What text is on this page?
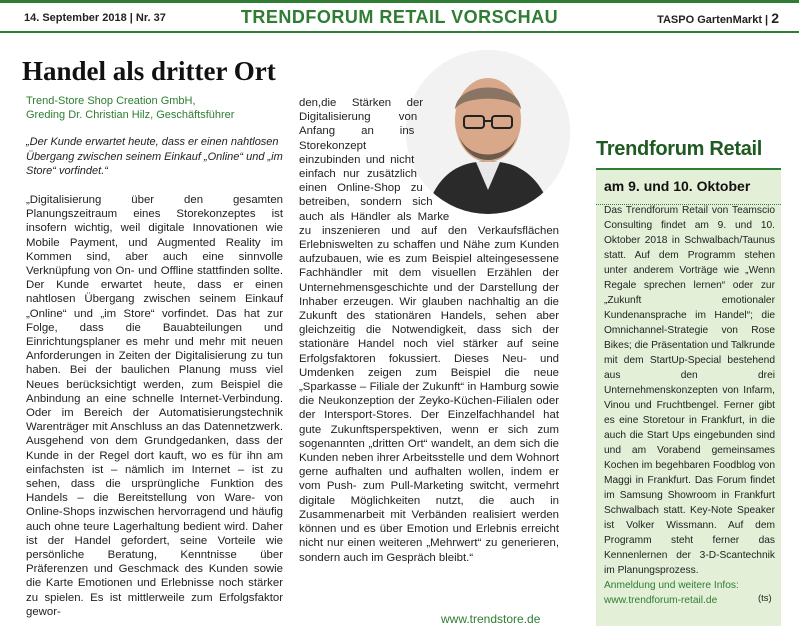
14. September 2018 | Nr. 37	TRENDFORUM RETAIL VORSCHAU	TASPO GartenMarkt | 2
Handel als dritter Ort
Trend-Store Shop Creation GmbH,
Greding Dr. Christian Hilz, Geschäftsführer
„Der Kunde erwartet heute, dass er einen nahtlosen Übergang zwischen seinem Einkauf „Online“ und „im Store“ vorfindet.“
„Digitalisierung über den gesamten Planungszeitraum eines Storekonzeptes ist insofern wichtig, weil digitale Innovationen wie Mobile Payment, und Augmented Reality im Kommen sind, aber auch eine sinnvolle Verknüpfung von On- und Offline stattfinden sollte. Der Kunde erwartet heute, dass er einen nahtlosen Übergang zwischen seinem Einkauf „Online“ und „im Store“ vorfindet. Das hat zur Folge, dass die Bauabteilungen und Einrichtungsplaner es mehr und mehr mit neuen Anforderungen in Zeiten der Digitalisierung zu tun haben. Bei der baulichen Planung muss viel Neues berücksichtigt werden, zum Beispiel die Anbindung an eine schnelle Internet-Verbindung. Oder im Bereich der Automatisierungstechnik Warenträger mit Anschluss an das Datennetzwerk. Ausgehend von dem Grundgedanken, dass der Kunde in der Regel dort kauft, wo es für ihn am einfachsten ist – nämlich im Internet – ist zu sehen, dass die ursprüngliche Funktion des Handels – die Bereitstellung von Ware- von Online-Shops inzwischen hervorragend und häufig auch ohne teure Lagerhaltung bedient wird. Daher ist der Handel gefordert, seine Vorteile wie persönliche Beratung, Kenntnisse über Präferenzen und Geschmack des Kunden sowie die Karte Emotionen und Erlebnisse noch stärker zu spielen. Es ist mittlerweile zum Erfolgsfaktor gewor-
den,die Stärken der Digitalisierung von Anfang an ins Storekonzept einzubinden und nicht einfach nur zusätzlich einen Online-Shop zu betreiben, sondern sich auch als Händler als Marke zu inszenieren und auf den Verkaufsflächen Erlebniswelten zu schaffen und Nähe zum Kunden aufzubauen, wie es zum Beispiel alteingesessene Fachhändler mit dem visuellen Erzählen der Unternehmensgeschichte und der Darstellung der Inhaber erzeugen. Wir glauben nachhaltig an die Zukunft des stationären Handels, sehen aber gleichzeitig die Notwendigkeit, dass sich der stationäre Handel noch viel stärker auf seine Erfolgsfaktoren fokussiert. Dieses Neu- und Umdenken zeigen zum Beispiel die neue „Sparkasse – Filiale der Zukunft“ in Hamburg sowie die Neukonzeption der Zeyko-Küchen-Filialen oder der Intersport-Stores. Der Einzelfachhandel hat gute Zukunftsperspektiven, wenn er sich zum sogenannten „dritten Ort“ wandelt, an dem sich die Kunden neben ihrer Arbeitsstelle und dem Wohnort gerne aufhalten und aufhalten wollen, indem er vom Push- zum Pull-Marketing switcht, vermehrt digitale Möglichkeiten nutzt, die auch in Zusammenarbeit mit Verbänden realisiert werden können und es über Emotion und Erlebnis erreicht nicht nur einen weiteren „Mehrwert“ zu generieren, sondern auch im Gespräch bleibt.“
www.trendstore.de
Trendforum Retail
am 9. und 10. Oktober
Das Trendforum Retail von Teamscio Consulting findet am 9. und 10. Oktober 2018 in Schwalbach/Taunus statt. Auf dem Programm stehen unter anderem Vorträge wie „Wenn Regale sprechen lernen“ oder zur „Zukunft emotionaler Kundenansprache im Handel“; die Omnichannel-Strategie von Rose Bikes; die Präsentation und Talkrunde mit dem StartUp-Special bestehend aus den drei Unternehmenskonzepten von Infarm, Vinou und Fruchtbengel. Ferner gibt es eine Storetour in Frankfurt, in die auch die Start Ups eingebunden sind und am Vorabend gemeinsames Kochen im begehbaren Foodblog von Maggi in Frankfurt. Das Forum findet im Samsung Showroom in Frankfurt Schwalbach statt. Key-Note Speaker ist Volker Wissmann. Auf dem Programm steht ferner das Kennenlernen der 3-D-Scantechnik im Planungsprozess.
Anmeldung und weitere Infos:
www.trendforum-retail.de	(ts)
